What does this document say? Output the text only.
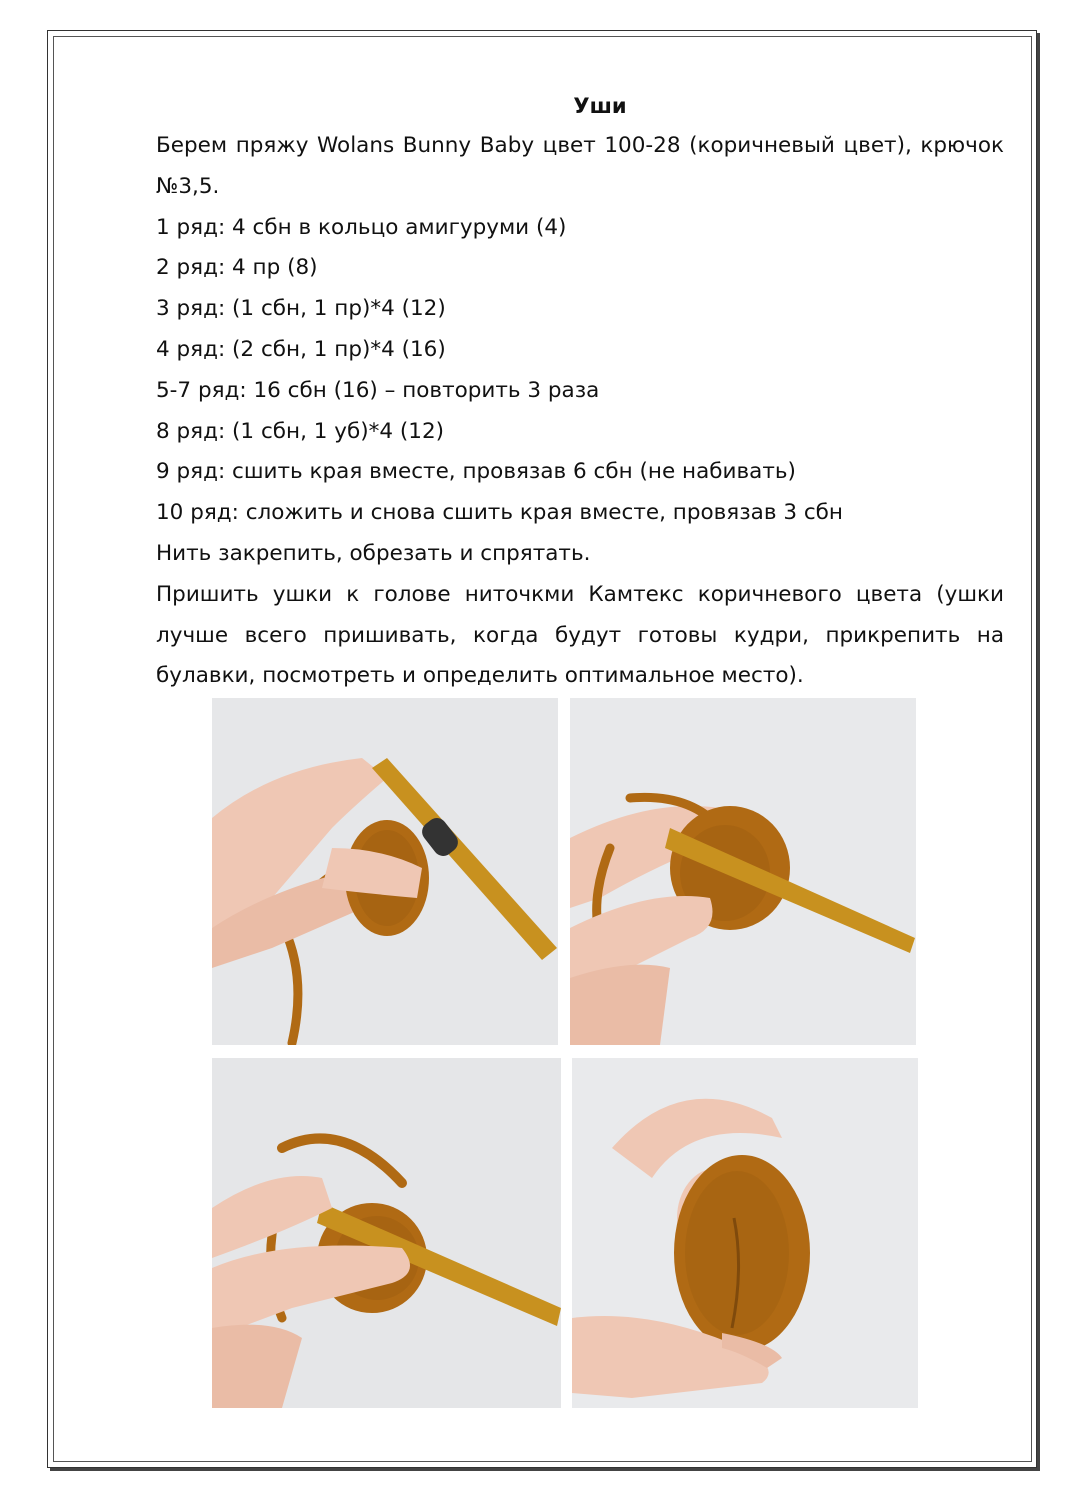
Уши
Берем пряжу Wolans Bunny Baby цвет 100-28 (коричневый цвет), крючок №3,5.
1 ряд: 4 сбн в кольцо амигуруми (4)
2 ряд: 4 пр (8)
3 ряд: (1 сбн, 1 пр)*4 (12)
4 ряд: (2 сбн, 1 пр)*4 (16)
5-7 ряд: 16 сбн (16) – повторить 3 раза
8 ряд: (1 сбн, 1 уб)*4 (12)
9 ряд: сшить края вместе, провязав 6 сбн (не набивать)
10 ряд: сложить и снова сшить края вместе, провязав 3 сбн
Нить закрепить, обрезать и спрятать.
Пришить ушки к голове ниточкми Камтекс коричневого цвета (ушки лучше всего пришивать, когда будут готовы кудри, прикрепить на булавки, посмотреть и определить оптимальное место).
